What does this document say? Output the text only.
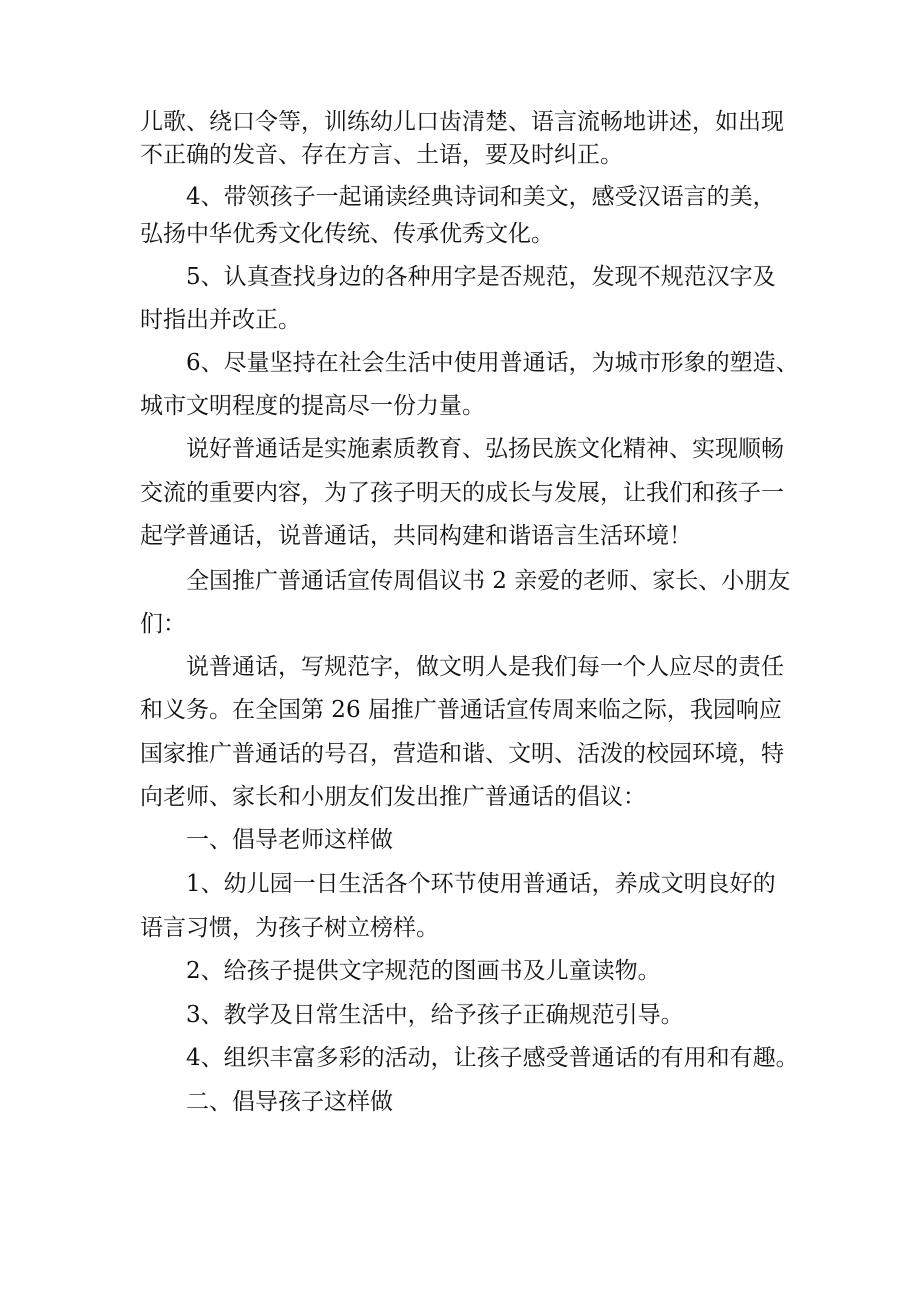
儿歌、绕口令等，训练幼儿口齿清楚、语言流畅地讲述，如出现
不正确的发音、存在方言、土语，要及时纠正。
4、带领孩子一起诵读经典诗词和美文，感受汉语言的美，
弘扬中华优秀文化传统、传承优秀文化。
5、认真查找身边的各种用字是否规范，发现不规范汉字及
时指出并改正。
6、尽量坚持在社会生活中使用普通话，为城市形象的塑造、
城市文明程度的提高尽一份力量。
说好普通话是实施素质教育、弘扬民族文化精神、实现顺畅
交流的重要内容，为了孩子明天的成长与发展，让我们和孩子一
起学普通话，说普通话，共同构建和谐语言生活环境！
全国推广普通话宣传周倡议书 2 亲爱的老师、家长、小朋友
们：
说普通话，写规范字，做文明人是我们每一个人应尽的责任
和义务。在全国第 26 届推广普通话宣传周来临之际，我园响应
国家推广普通话的号召，营造和谐、文明、活泼的校园环境，特
向老师、家长和小朋友们发出推广普通话的倡议：
一、倡导老师这样做
1、幼儿园一日生活各个环节使用普通话，养成文明良好的
语言习惯，为孩子树立榜样。
2、给孩子提供文字规范的图画书及儿童读物。
3、教学及日常生活中，给予孩子正确规范引导。
4、组织丰富多彩的活动，让孩子感受普通话的有用和有趣。
二、倡导孩子这样做
